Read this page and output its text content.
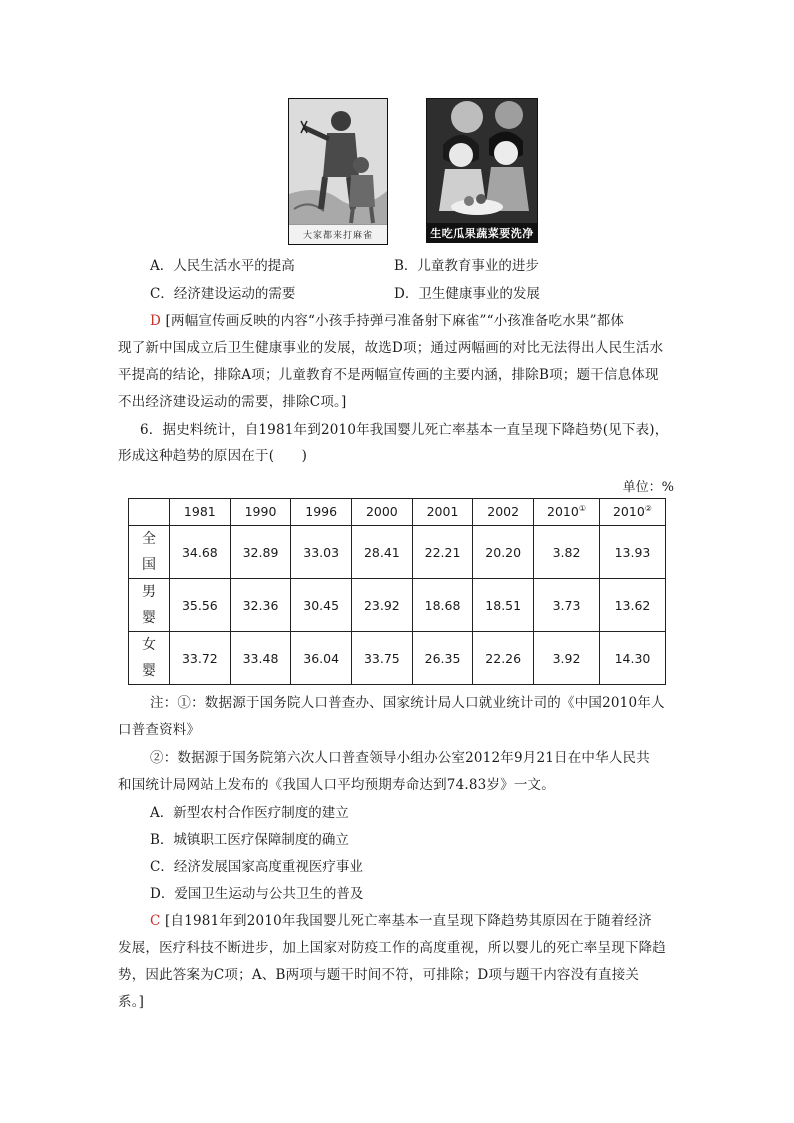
大家都来打麻雀	生吃瓜果蔬菜要洗净
A．人民生活水平的提高	B．儿童教育事业的进步
C．经济建设运动的需要	D．卫生健康事业的发展
D [两幅宣传画反映的内容“小孩手持弹弓准备射下麻雀”“小孩准备吃水果”都体
现了新中国成立后卫生健康事业的发展，故选D项；通过两幅画的对比无法得出人民生活水
平提高的结论，排除A项；儿童教育不是两幅宣传画的主要内涵，排除B项；题干信息体现
不出经济建设运动的需要，排除C项。]
6．据史料统计，自1981年到2010年我国婴儿死亡率基本一直呈现下降趋势(见下表)，
形成这种趋势的原因在于(　　)
单位：%
	1981	1990	1996	2000	2001	2002	2010①	2010②
全
国	34.68	32.89	33.03	28.41	22.21	20.20	3.82	13.93
男
婴	35.56	32.36	30.45	23.92	18.68	18.51	3.73	13.62
女
婴	33.72	33.48	36.04	33.75	26.35	22.26	3.92	14.30
注：①：数据源于国务院人口普查办、国家统计局人口就业统计司的《中国2010年人
口普查资料》
②：数据源于国务院第六次人口普查领导小组办公室2012年9月21日在中华人民共
和国统计局网站上发布的《我国人口平均预期寿命达到74.83岁》一文。
A．新型农村合作医疗制度的建立
B．城镇职工医疗保障制度的确立
C．经济发展国家高度重视医疗事业
D．爱国卫生运动与公共卫生的普及
C [自1981年到2010年我国婴儿死亡率基本一直呈现下降趋势其原因在于随着经济
发展，医疗科技不断进步，加上国家对防疫工作的高度重视，所以婴儿的死亡率呈现下降趋
势，因此答案为C项；A、B两项与题干时间不符，可排除；D项与题干内容没有直接关
系。]
